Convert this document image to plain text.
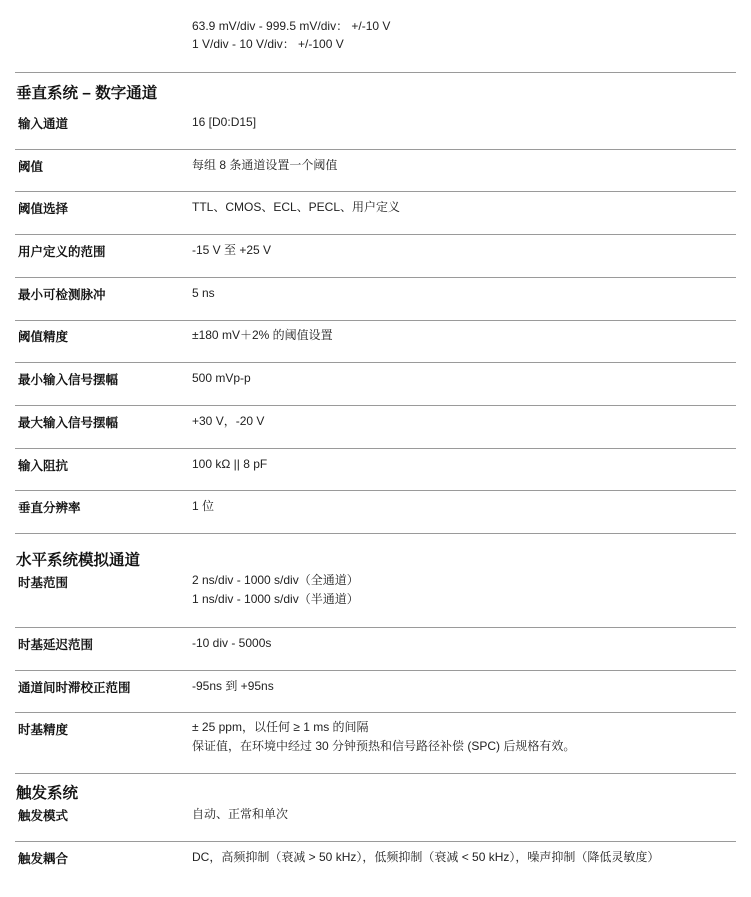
63.9 mV/div - 999.5 mV/div： +/-10 V
1 V/div - 10 V/div： +/-100 V
垂直系统 – 数字通道
输入通道	16 [D0:D15]
阈值	每组 8 条通道设置一个阈值
阈值选择	TTL、CMOS、ECL、PECL、用户定义
用户定义的范围	-15 V 至 +25 V
最小可检测脉冲	5 ns
阈值精度	±180 mV＋2% 的阈值设置
最小输入信号摆幅	500 mVp-p
最大输入信号摆幅	+30 V，-20 V
输入阻抗	100 kΩ || 8 pF
垂直分辨率	1 位
水平系统模拟通道
时基范围	2 ns/div - 1000 s/div（全通道）
1 ns/div - 1000 s/div（半通道）
时基延迟范围	-10 div - 5000s
通道间时滞校正范围	-95ns 到 +95ns
时基精度	± 25 ppm，以任何 ≥ 1 ms 的间隔
保证值，在环境中经过 30 分钟预热和信号路径补偿 (SPC) 后规格有效。
触发系统
触发模式	自动、正常和单次
触发耦合	DC，高频抑制（衰减 > 50 kHz），低频抑制（衰减 < 50 kHz），噪声抑制（降低灵敏度）
